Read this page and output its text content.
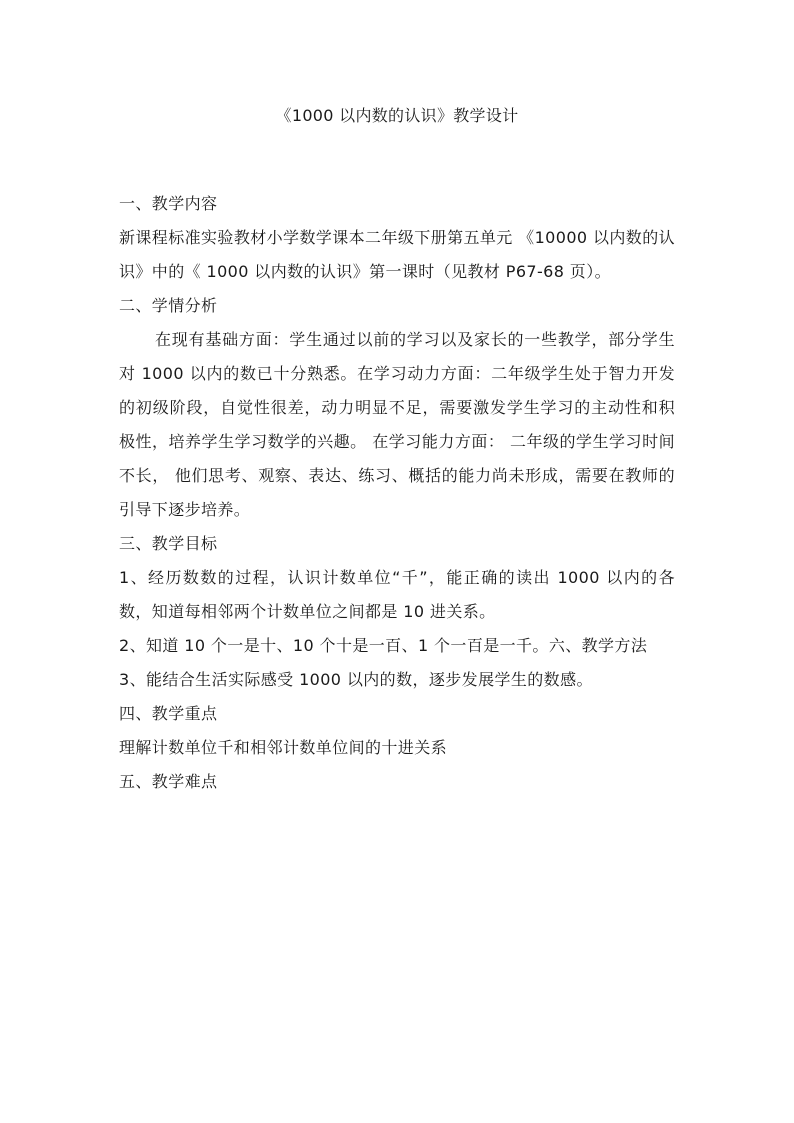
《1000 以内数的认识》教学设计

一、教学内容

新课程标准实验教材小学数学课本二年级下册第五单元 《10000 以内数的认识》中的《 1000 以内数的认识》第一课时（见教材 P67-68 页）。

二、学情分析

在现有基础方面：学生通过以前的学习以及家长的一些教学，部分学生对 1000 以内的数已十分熟悉。在学习动力方面：二年级学生处于智力开发的初级阶段，自觉性很差，动力明显不足，需要激发学生学习的主动性和积极性，培养学生学习数学的兴趣。 在学习能力方面： 二年级的学生学习时间不长， 他们思考、观察、表达、练习、概括的能力尚未形成，需要在教师的引导下逐步培养。

三、教学目标

1、经历数数的过程，认识计数单位“千”，能正确的读出 1000 以内的各数，知道每相邻两个计数单位之间都是 10 进关系。

2、知道 10 个一是十、10 个十是一百、1 个一百是一千。六、教学方法

3、能结合生活实际感受 1000 以内的数，逐步发展学生的数感。

四、教学重点

理解计数单位千和相邻计数单位间的十进关系

五、教学难点
